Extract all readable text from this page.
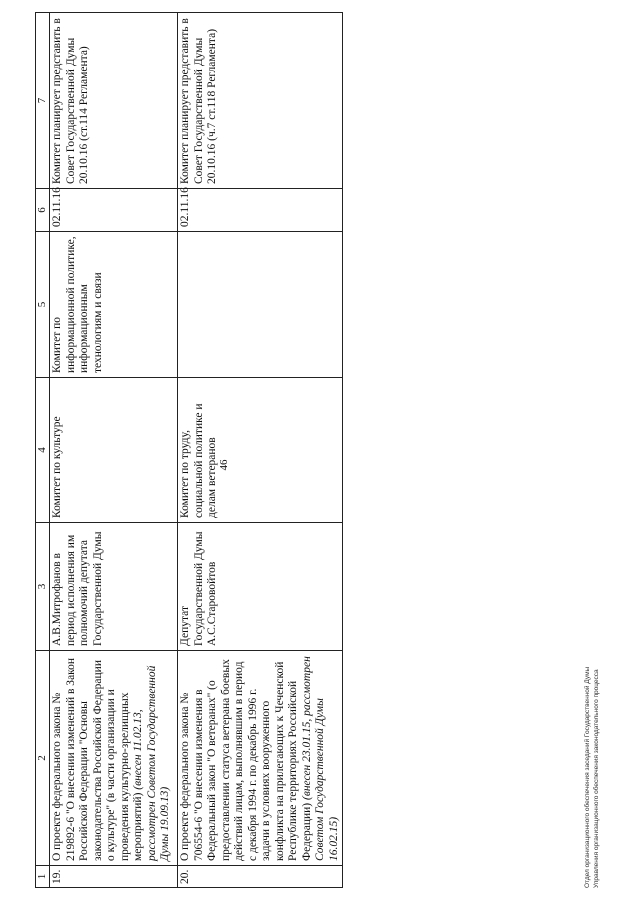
46
1	2	3	4	5	6	7
19.	О проекте федерального закона № 219892-6 "О внесении изменений в Закон Российской Федерации "Основы законодательства Российской Федерации о культуре" (в части организации и проведения культурно-зрелищных мероприятий) (внесен 11.02.13, рассмотрен Советом Государственной Думы 19.09.13)	А.В.Митрофанов в период исполнения им полномочий депутата Государственной Думы	Комитет по культуре	Комитет по информационной политике, информационным технологиям и связи	02.11.16	Комитет планирует представить в Совет Государственной Думы 20.10.16 (ст.114 Регламента)
20.	О проекте федерального закона № 706554-6 "О внесении изменения в Федеральный закон "О ветеранах" (о предоставлении статуса ветерана боевых действий лицам, выполнявшим в период с декабря 1994 г. по декабрь 1996 г. задачи в условиях вооруженного конфликта на прилегающих к Чеченской Республике территориях Российской Федерации) (внесен 23.01.15, рассмотрен Советом Государственной Думы 16.02.15)	Депутат Государственной Думы А.С.Старовойтов	Комитет по труду, социальной политике и делам ветеранов		02.11.16	Комитет планирует представить в Совет Государственной Думы 20.10.16 (ч.7 ст.118 Регламента)
Отдел организационного обеспечения заседаний Государственной Думы Управления организационного обеспечения законодательного процесса
